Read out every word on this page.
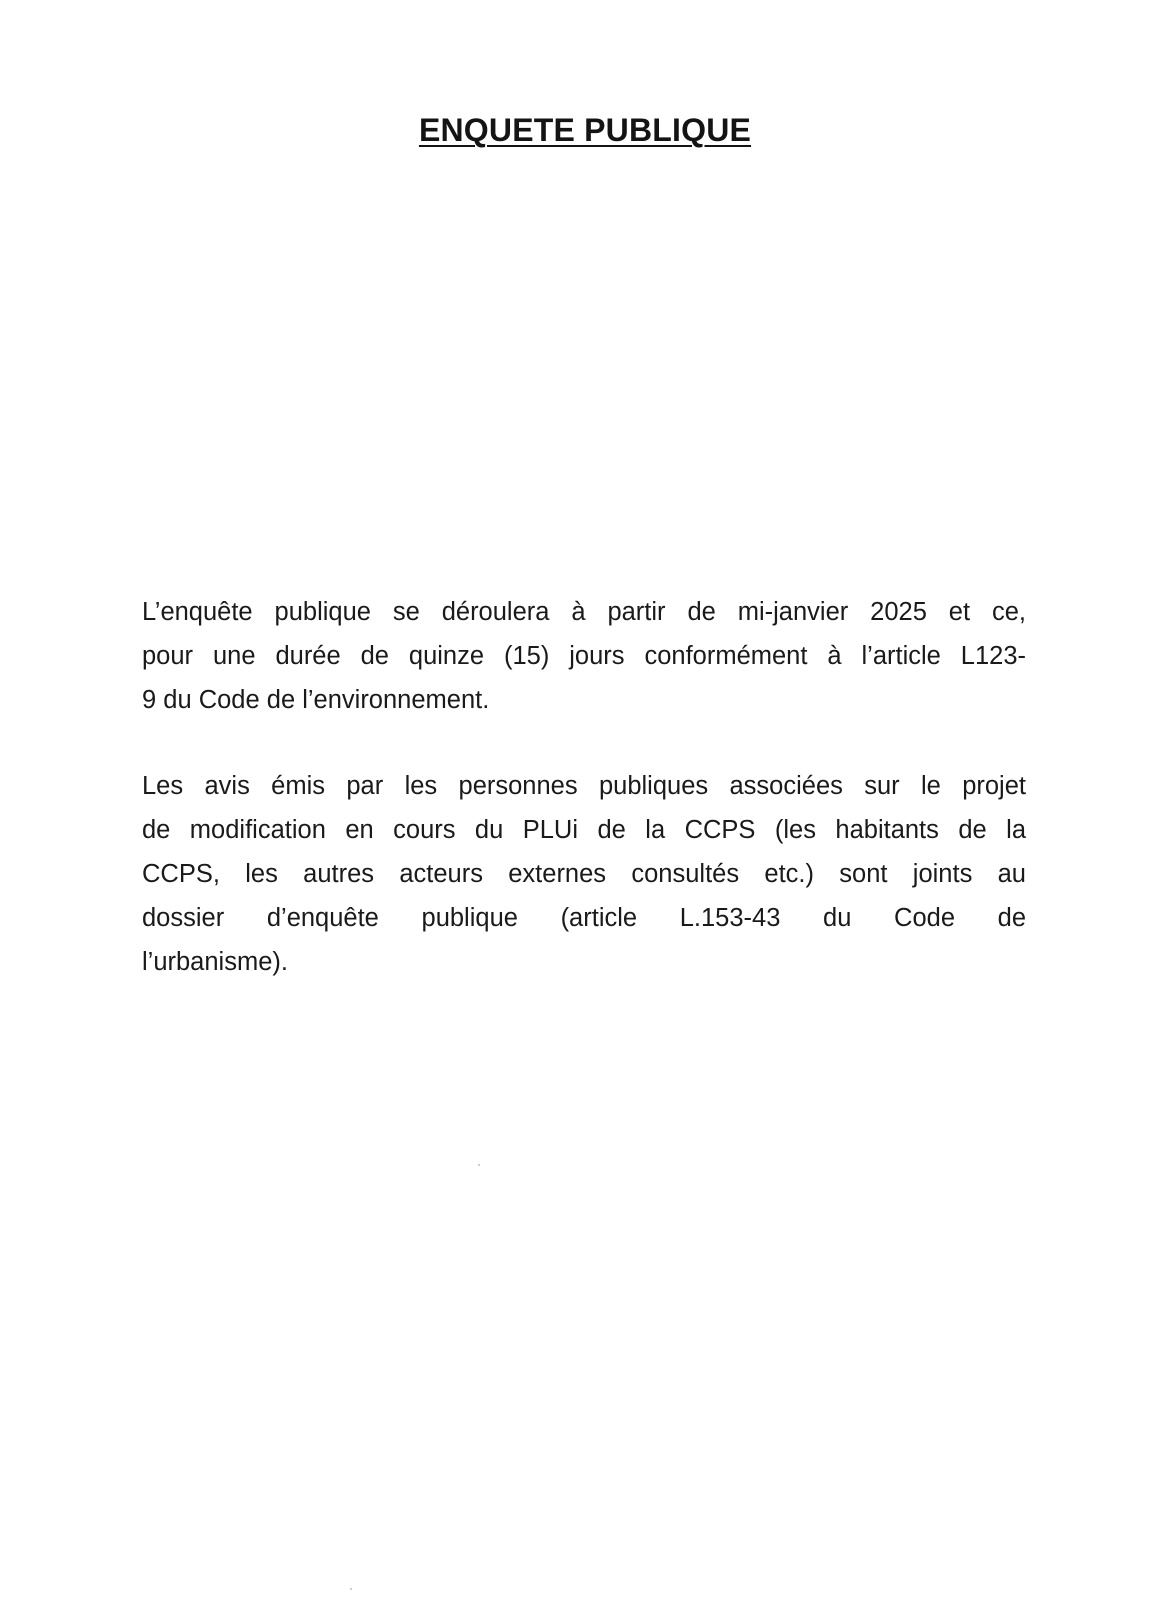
ENQUETE PUBLIQUE

L’enquête publique se déroulera à partir de mi-janvier 2025 et ce,
pour une durée de quinze (15) jours conformément à l’article L123-
9 du Code de l’environnement.

Les avis émis par les personnes publiques associées sur le projet
de modification en cours du PLUi de la CCPS (les habitants de la
CCPS, les autres acteurs externes consultés etc.) sont joints au
dossier d’enquête publique (article L.153-43 du Code de
l’urbanisme).
